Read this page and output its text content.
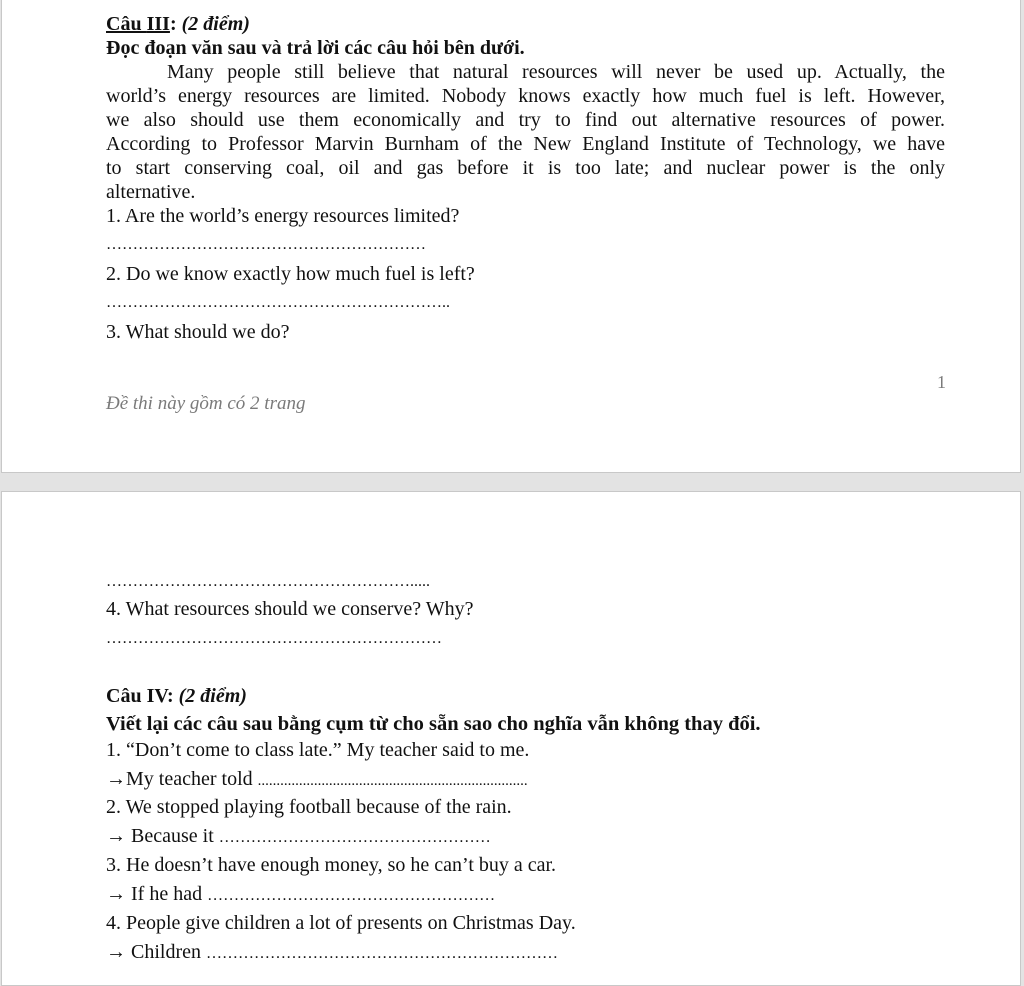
Câu III: (2 điểm)
Đọc đoạn văn sau và trả lời các câu hỏi bên dưới.
Many people still believe that natural resources will never be used up. Actually, the
world’s energy resources are limited. Nobody knows exactly how much fuel is left. However,
we also should use them economically and try to find out alternative resources of power.
According to Professor Marvin Burnham of the New England Institute of Technology, we have
to start conserving coal, oil and gas before it is too late; and nuclear power is the only
alternative.
1. Are the world’s energy resources limited?
……………………………………………………
2. Do we know exactly how much fuel is left?
………………………………………………………..
3. What should we do?
1
Đề thi này gồm có 2 trang
………………………………………………….....
4. What resources should we conserve? Why?
………………………………………………………
Câu IV: (2 điểm)
Viết lại các câu sau bằng cụm từ cho sẵn sao cho nghĩa vẫn không thay đổi.
1. “Don’t come to class late.” My teacher said to me.
→My teacher told ........................................................................
2. We stopped playing football because of the rain.
→ Because it ……………………………………………
3. He doesn’t have enough money, so he can’t buy a car.
→ If he had ………………………………………………
4. People give children a lot of presents on Christmas Day.
→ Children …………………………………………………………
